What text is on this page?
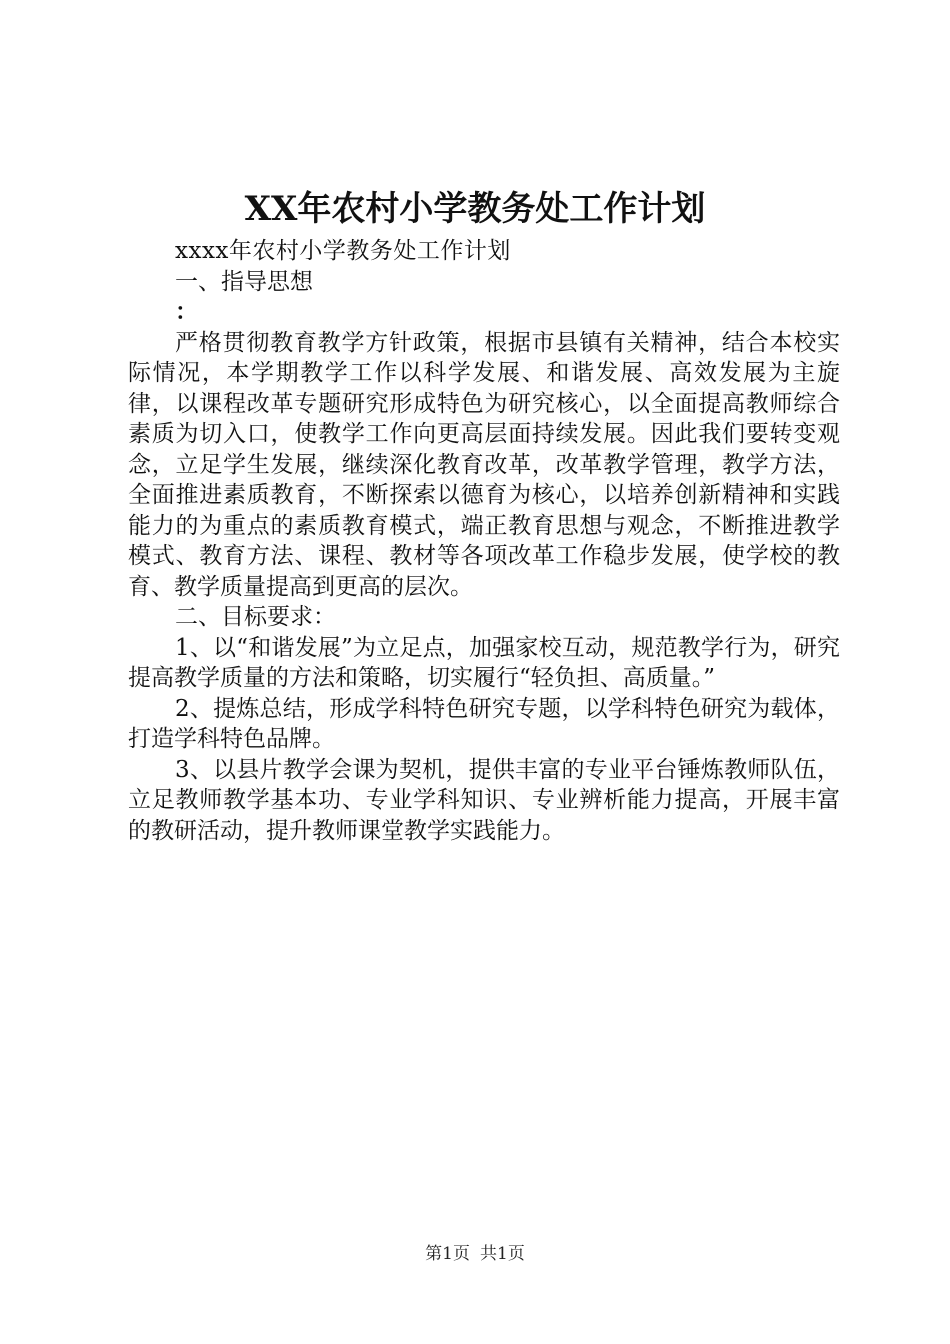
XX年农村小学教务处工作计划

xxxx年农村小学教务处工作计划

一、指导思想

：

严格贯彻教育教学方针政策，根据市县镇有关精神，结合本校实际情况，本学期教学工作以科学发展、和谐发展、高效发展为主旋律，以课程改革专题研究形成特色为研究核心，以全面提高教师综合素质为切入口，使教学工作向更高层面持续发展。因此我们要转变观念，立足学生发展，继续深化教育改革，改革教学管理，教学方法，全面推进素质教育，不断探索以德育为核心，以培养创新精神和实践能力的为重点的素质教育模式，端正教育思想与观念，不断推进教学模式、教育方法、课程、教材等各项改革工作稳步发展，使学校的教育、教学质量提高到更高的层次。

二、目标要求：

1、以“和谐发展”为立足点，加强家校互动，规范教学行为，研究提高教学质量的方法和策略，切实履行“轻负担、高质量。”

2、提炼总结，形成学科特色研究专题，以学科特色研究为载体，打造学科特色品牌。

3、以县片教学会课为契机，提供丰富的专业平台锤炼教师队伍，立足教师教学基本功、专业学科知识、专业辨析能力提高，开展丰富的教研活动，提升教师课堂教学实践能力。

第1页 共1页
